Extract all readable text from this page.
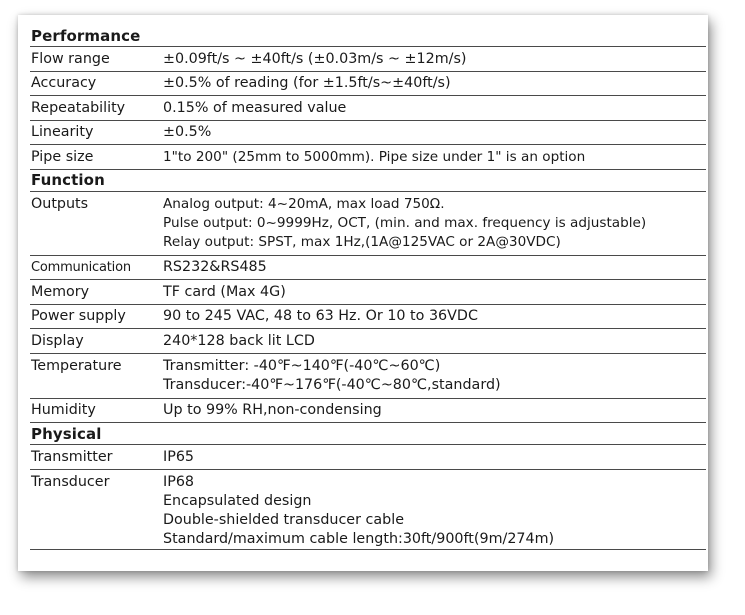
Performance
Flow range	±0.09ft/s ~ ±40ft/s (±0.03m/s ~ ±12m/s)
Accuracy	±0.5% of reading (for ±1.5ft/s~±40ft/s)
Repeatability	0.15% of measured value
Linearity	±0.5%
Pipe size	1"to 200" (25mm to 5000mm). Pipe size under 1" is an option
Function
Outputs	Analog output: 4~20mA, max load 750Ω.
Pulse output: 0~9999Hz, OCT, (min. and max. frequency is adjustable)
Relay output: SPST, max 1Hz,(1A@125VAC or 2A@30VDC)
Communication	RS232&RS485
Memory	TF card (Max 4G)
Power supply	90 to 245 VAC, 48 to 63 Hz. Or 10 to 36VDC
Display	240*128 back lit LCD
Temperature	Transmitter: -40℉~140℉(-40℃~60℃)
Transducer:-40℉~176℉(-40℃~80℃,standard)
Humidity	Up to 99% RH,non-condensing
Physical
Transmitter	IP65
Transducer	IP68
Encapsulated design
Double-shielded transducer cable
Standard/maximum cable length:30ft/900ft(9m/274m)
